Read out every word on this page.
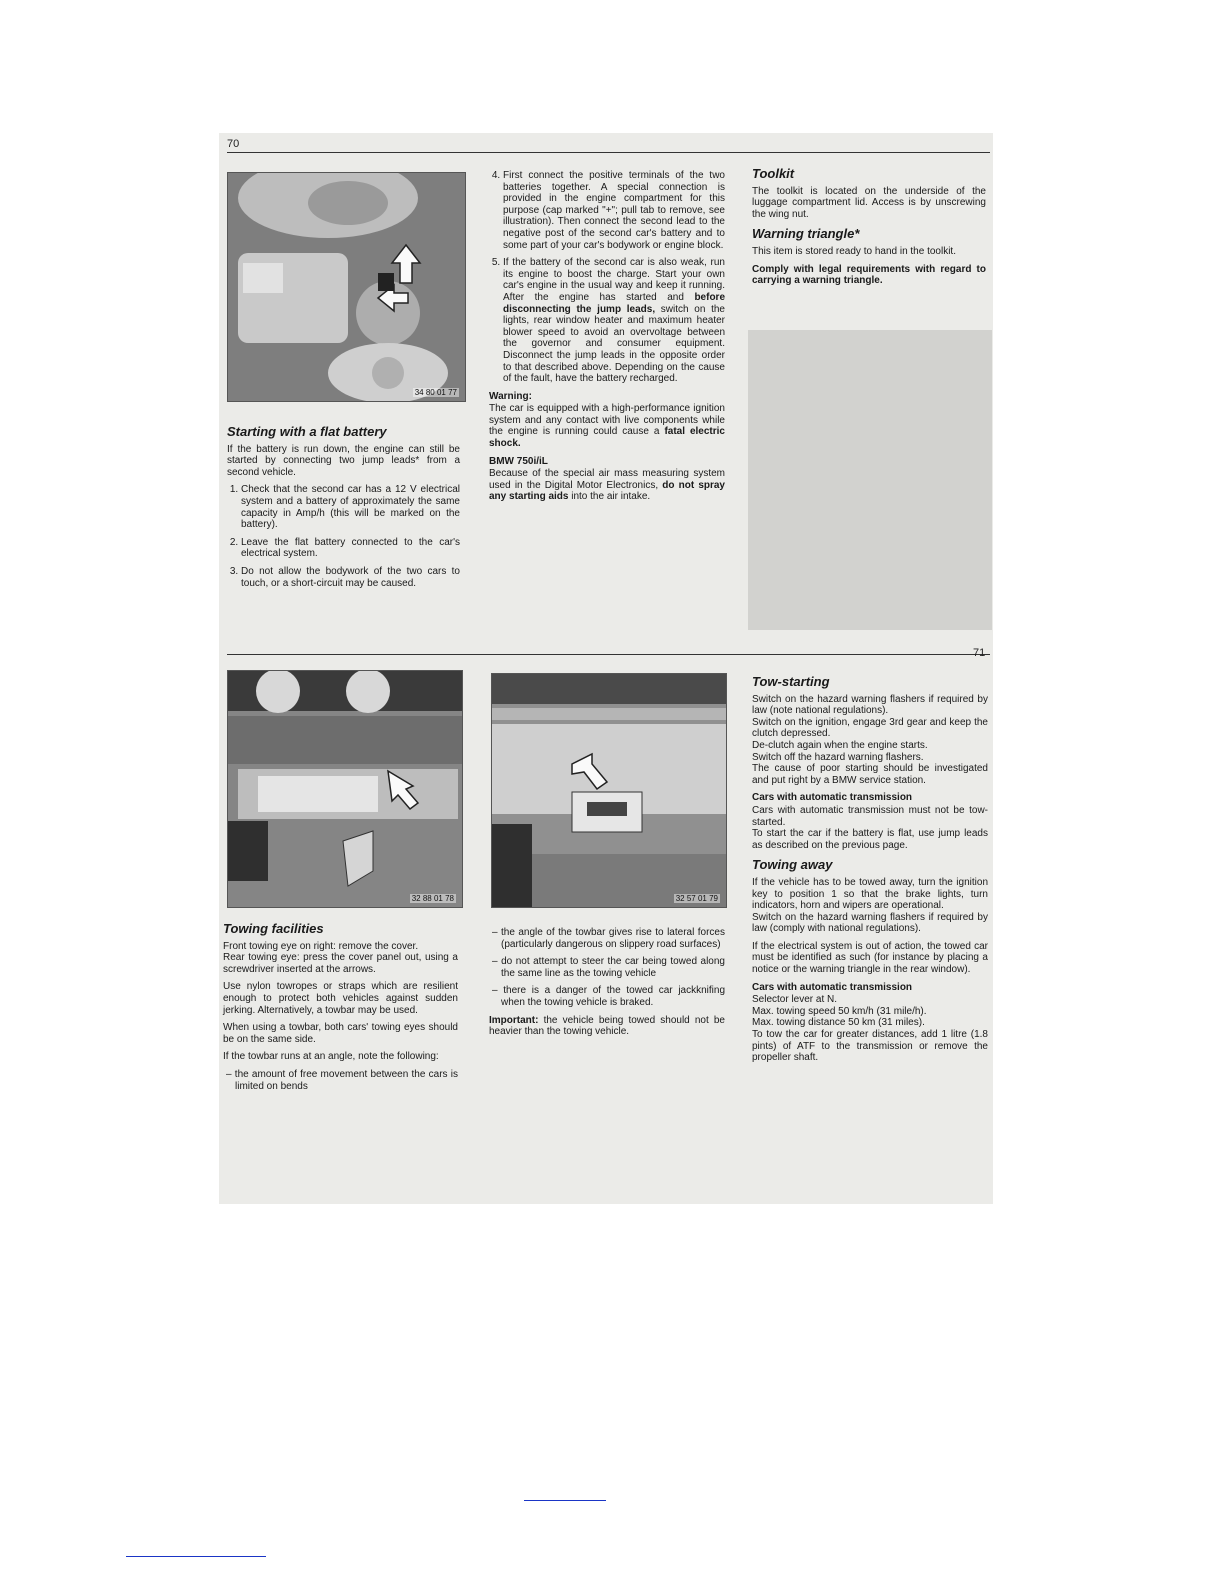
70
34 80 01 77
Starting with a flat battery

If the battery is run down, the engine can still be started by connecting two jump leads* from a second vehicle.

1. Check that the second car has a 12 V electrical system and a battery of approximately the same capacity in Amp/h (this will be marked on the battery).
2. Leave the flat battery connected to the car's electrical system.
3. Do not allow the bodywork of the two cars to touch, or a short-circuit may be caused.
4. First connect the positive terminals of the two batteries together. A special connection is provided in the engine compartment for this purpose (cap marked "+"; pull tab to remove, see illustration). Then connect the second lead to the negative post of the second car's battery and to some part of your car's bodywork or engine block.
5. If the battery of the second car is also weak, run its engine to boost the charge. Start your own car's engine in the usual way and keep it running. After the engine has started and before disconnecting the jump leads, switch on the lights, rear window heater and maximum heater blower speed to avoid an overvoltage between the governor and consumer equipment. Disconnect the jump leads in the opposite order to that described above. Depending on the cause of the fault, have the battery recharged.
Warning:

The car is equipped with a high-performance ignition system and any contact with live components while the engine is running could cause a fatal electric shock.

BMW 750i/iL

Because of the special air mass measuring system used in the Digital Motor Electronics, do not spray any starting aids into the air intake.

Toolkit

The toolkit is located on the underside of the luggage compartment lid. Access is by unscrewing the wing nut.

Warning triangle*

This item is stored ready to hand in the toolkit.

Comply with legal requirements with regard to carrying a warning triangle.

71
32 88 01 78	32 57 01 79
Towing facilities

Front towing eye on right: remove the cover.

Rear towing eye: press the cover panel out, using a screwdriver inserted at the arrows.

Use nylon towropes or straps which are resilient enough to protect both vehicles against sudden jerking. Alternatively, a towbar may be used.

When using a towbar, both cars' towing eyes should be on the same side.

If the towbar runs at an angle, note the following:

– the amount of free movement between the cars is limited on bends
– the angle of the towbar gives rise to lateral forces (particularly dangerous on slippery road surfaces)
– do not attempt to steer the car being towed along the same line as the towing vehicle
– there is a danger of the towed car jackknifing when the towing vehicle is braked.

Important: the vehicle being towed should not be heavier than the towing vehicle.

Tow-starting

Switch on the hazard warning flashers if required by law (note national regulations).

Switch on the ignition, engage 3rd gear and keep the clutch depressed.

De-clutch again when the engine starts.

Switch off the hazard warning flashers.

The cause of poor starting should be investigated and put right by a BMW service station.

Cars with automatic transmission

Cars with automatic transmission must not be tow-started.

To start the car if the battery is flat, use jump leads as described on the previous page.

Towing away

If the vehicle has to be towed away, turn the ignition key to position 1 so that the brake lights, turn indicators, horn and wipers are operational.

Switch on the hazard warning flashers if required by law (comply with national regulations).

If the electrical system is out of action, the towed car must be identified as such (for instance by placing a notice or the warning triangle in the rear window).

Cars with automatic transmission

Selector lever at N.

Max. towing speed 50 km/h (31 mile/h).

Max. towing distance 50 km (31 miles).

To tow the car for greater distances, add 1 litre (1.8 pints) of ATF to the transmission or remove the propeller shaft.
